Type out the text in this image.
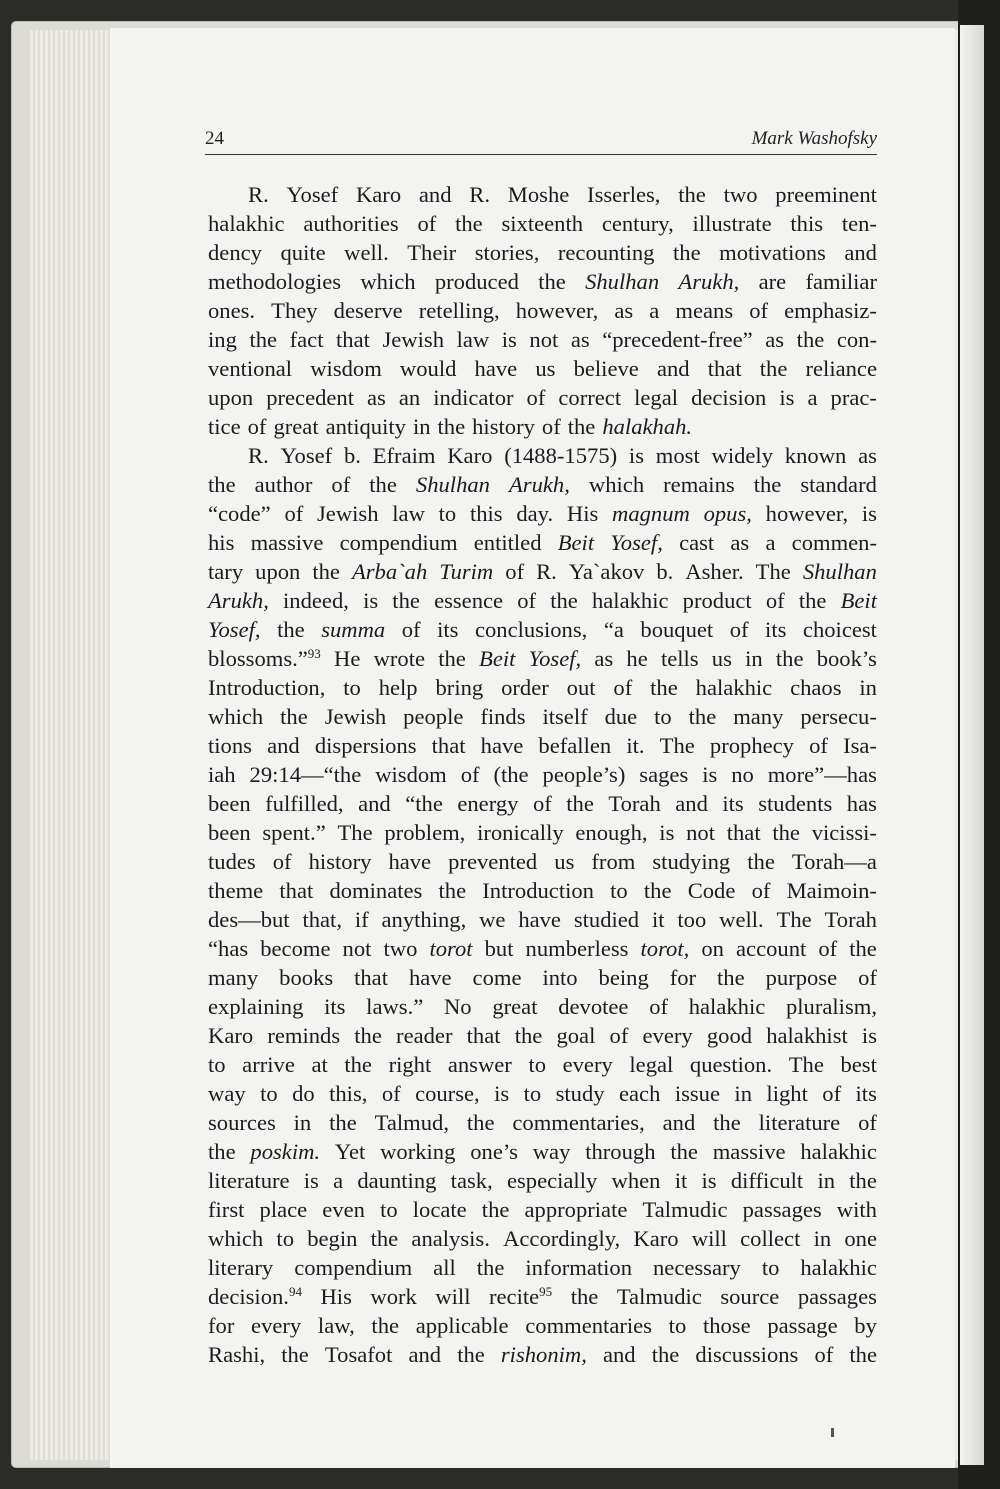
24	Mark Washofsky
R. Yosef Karo and R. Moshe Isserles, the two preeminent
halakhic authorities of the sixteenth century, illustrate this ten-
dency quite well. Their stories, recounting the motivations and
methodologies which produced the Shulhan Arukh, are familiar
ones. They deserve retelling, however, as a means of emphasiz-
ing the fact that Jewish law is not as “precedent-free” as the con-
ventional wisdom would have us believe and that the reliance
upon precedent as an indicator of correct legal decision is a prac-
tice of great antiquity in the history of the halakhah.
R. Yosef b. Efraim Karo (1488-1575) is most widely known as
the author of the Shulhan Arukh, which remains the standard
“code” of Jewish law to this day. His magnum opus, however, is
his massive compendium entitled Beit Yosef, cast as a commen-
tary upon the Arba`ah Turim of R. Ya`akov b. Asher. The Shulhan
Arukh, indeed, is the essence of the halakhic product of the Beit
Yosef, the summa of its conclusions, “a bouquet of its choicest
blossoms.”$^{93}$ He wrote the Beit Yosef, as he tells us in the book’s
Introduction, to help bring order out of the halakhic chaos in
which the Jewish people finds itself due to the many persecu-
tions and dispersions that have befallen it. The prophecy of Isa-
iah 29:14—“the wisdom of (the people’s) sages is no more”—has
been fulfilled, and “the energy of the Torah and its students has
been spent.” The problem, ironically enough, is not that the vicissi-
tudes of history have prevented us from studying the Torah—a
theme that dominates the Introduction to the Code of Maimoin-
des—but that, if anything, we have studied it too well. The Torah
“has become not two torot but numberless torot, on account of the
many books that have come into being for the purpose of
explaining its laws.” No great devotee of halakhic pluralism,
Karo reminds the reader that the goal of every good halakhist is
to arrive at the right answer to every legal question. The best
way to do this, of course, is to study each issue in light of its
sources in the Talmud, the commentaries, and the literature of
the poskim. Yet working one’s way through the massive halakhic
literature is a daunting task, especially when it is difficult in the
first place even to locate the appropriate Talmudic passages with
which to begin the analysis. Accordingly, Karo will collect in one
literary compendium all the information necessary to halakhic
decision.$^{94}$ His work will recite$^{95}$ the Talmudic source passages
for every law, the applicable commentaries to those passage by
Rashi, the Tosafot and the rishonim, and the discussions of the
